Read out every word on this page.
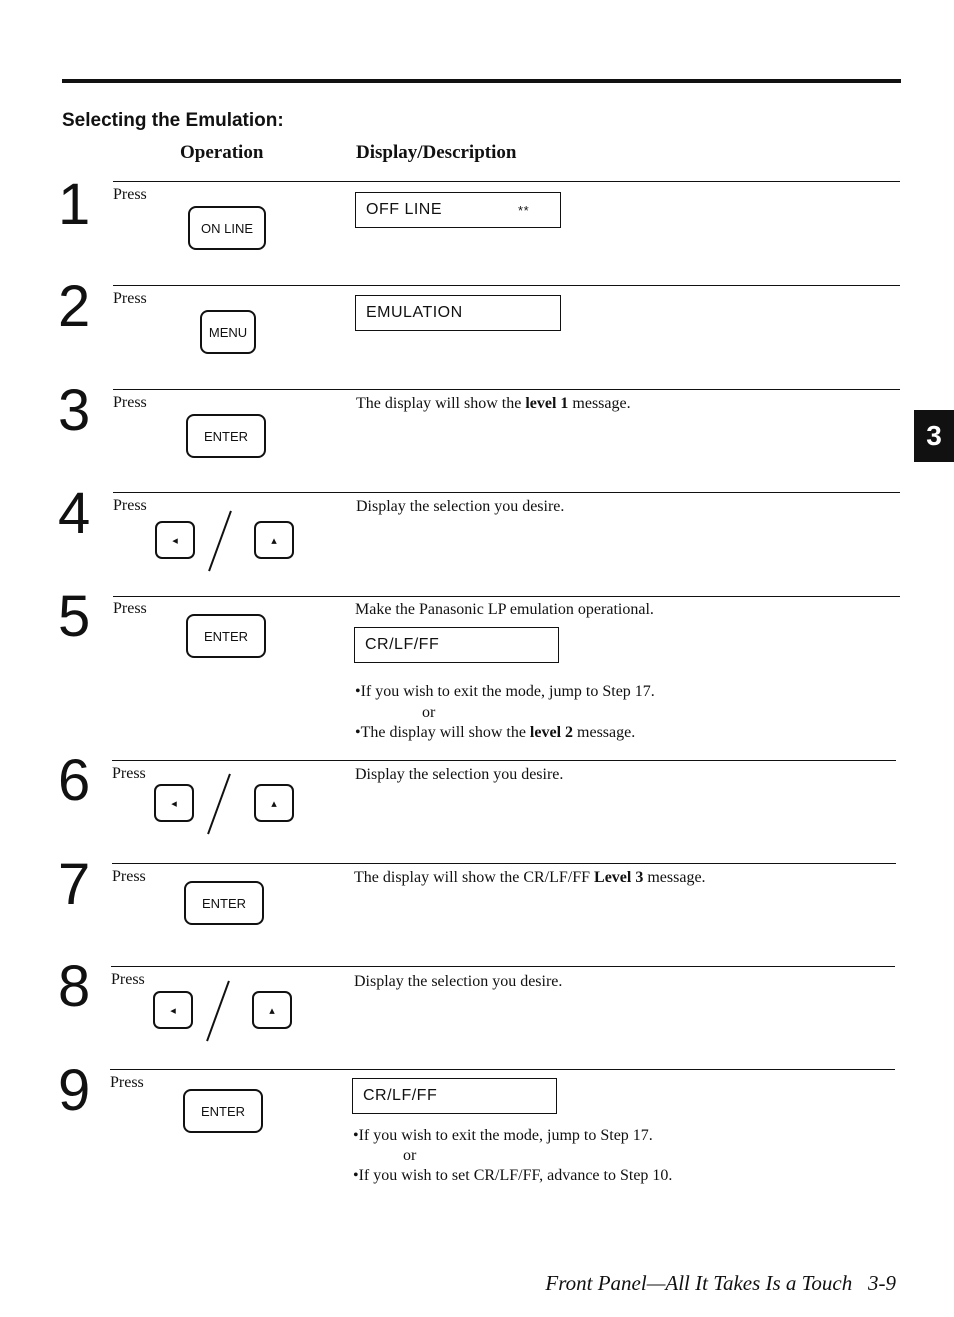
Selecting the Emulation:
Operation	Display/Description
3
1 Press
ON LINE
OFF LINE	**
2 Press
MENU
EMULATION
3 Press
ENTER
The display will show the level 1 message.
4 Press
◂	▴
Display the selection you desire.
5 Press
ENTER
Make the Panasonic LP emulation operational.
CR/LF/FF
•If you wish to exit the mode, jump to Step 17.
or
•The display will show the level 2 message.
6 Press
◂	▴
Display the selection you desire.
7 Press
ENTER
The display will show the CR/LF/FF Level 3 message.
8 Press
◂	▴
Display the selection you desire.
9 Press
ENTER
CR/LF/FF
•If you wish to exit the mode, jump to Step 17.
or
•If you wish to set CR/LF/FF, advance to Step 10.
Front Panel—All It Takes Is a Touch   3-9
